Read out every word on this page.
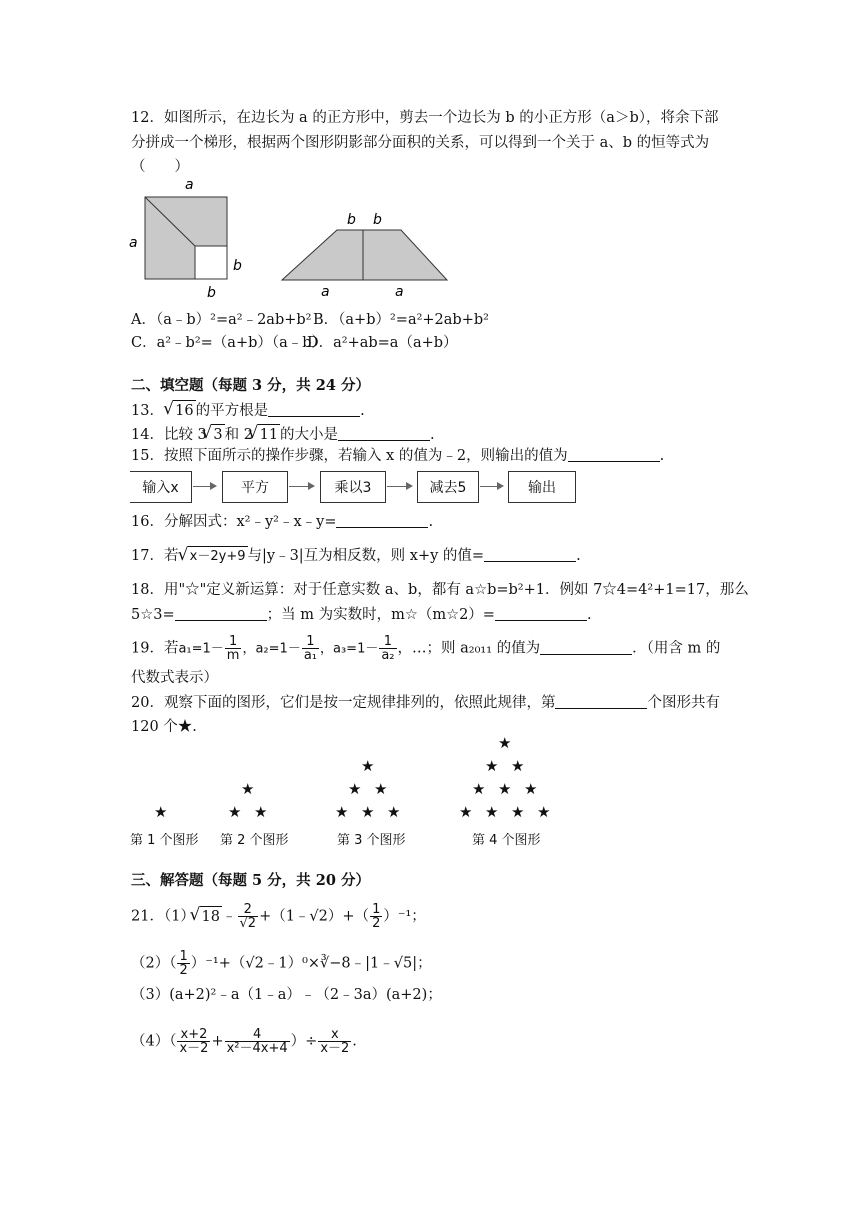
12．如图所示，在边长为 a 的正方形中，剪去一个边长为 b 的小正方形（a＞b），将余下部
分拼成一个梯形，根据两个图形阴影部分面积的关系，可以得到一个关于 a、b 的恒等式为
（　　）
a
a
b
b
b b
a	a
A．（a﹣b）²=a²﹣2ab+b² B．（a+b）²=a²+2ab+b²
C．a²﹣b²=（a+b）（a﹣b）
D．a²+ab=a（a+b）
二、填空题（每题 3 分，共 24 分）
13． √ 16 的平方根是	.
14．比较 3 √ 3 和 2 √ 11 的大小是	.
15．按照下面所示的操作步骤，若输入 x 的值为﹣2，则输出的值为	.
输入x	平方	乘以3	减去5	输出
16．分解因式：x²﹣y²﹣x﹣y=	.
17．若 √ x－2y+9 与|y﹣3|互为相反数，则 x+y 的值=	.
18．用"☆"定义新运算：对于任意实数 a、b，都有 a☆b=b²+1．例如 7☆4=4²+1=17，那么
5☆3=	；当 m 为实数时，m☆（m☆2）=	.
19．若$a_1=1- \frac{1}{m}$ ，$a_2=1- \frac{1}{\text{a₁}}$ ，$a_3=1- \frac{1}{\text{a₂}}$ ，…；则 a₂₀₁₁ 的值为	．（用含 m 的
代数式表示）
20．观察下面的图形，它们是按一定规律排列的，依照此规律，第	个图形共有
120 个★.
★
★
★ ★
★
★ ★
★ ★ ★
★
★ ★
★ ★ ★
★ ★ ★ ★
第 1 个图形 第 2 个图形	第 3 个图形	第 4 个图形
三、解答题（每题 5 分，共 20 分）
21．（1） √ 18 ﹣ $\frac{2}{√2}$ +（1﹣√2）+（ $\frac{1}{2} )^{-1}$；
$(2)( \frac{1}{2}$ ）⁻¹+（√2﹣1）⁰×∛−8﹣|1﹣√5|；
（3）(a+2)²﹣a（1﹣a）﹣（2﹣3a）(a+2)；
$(4)( \frac{x+2}{x-2} + \frac{4}{\text{x²－4x+4}}$ ）÷ $\frac{x}{x-2}$ .
